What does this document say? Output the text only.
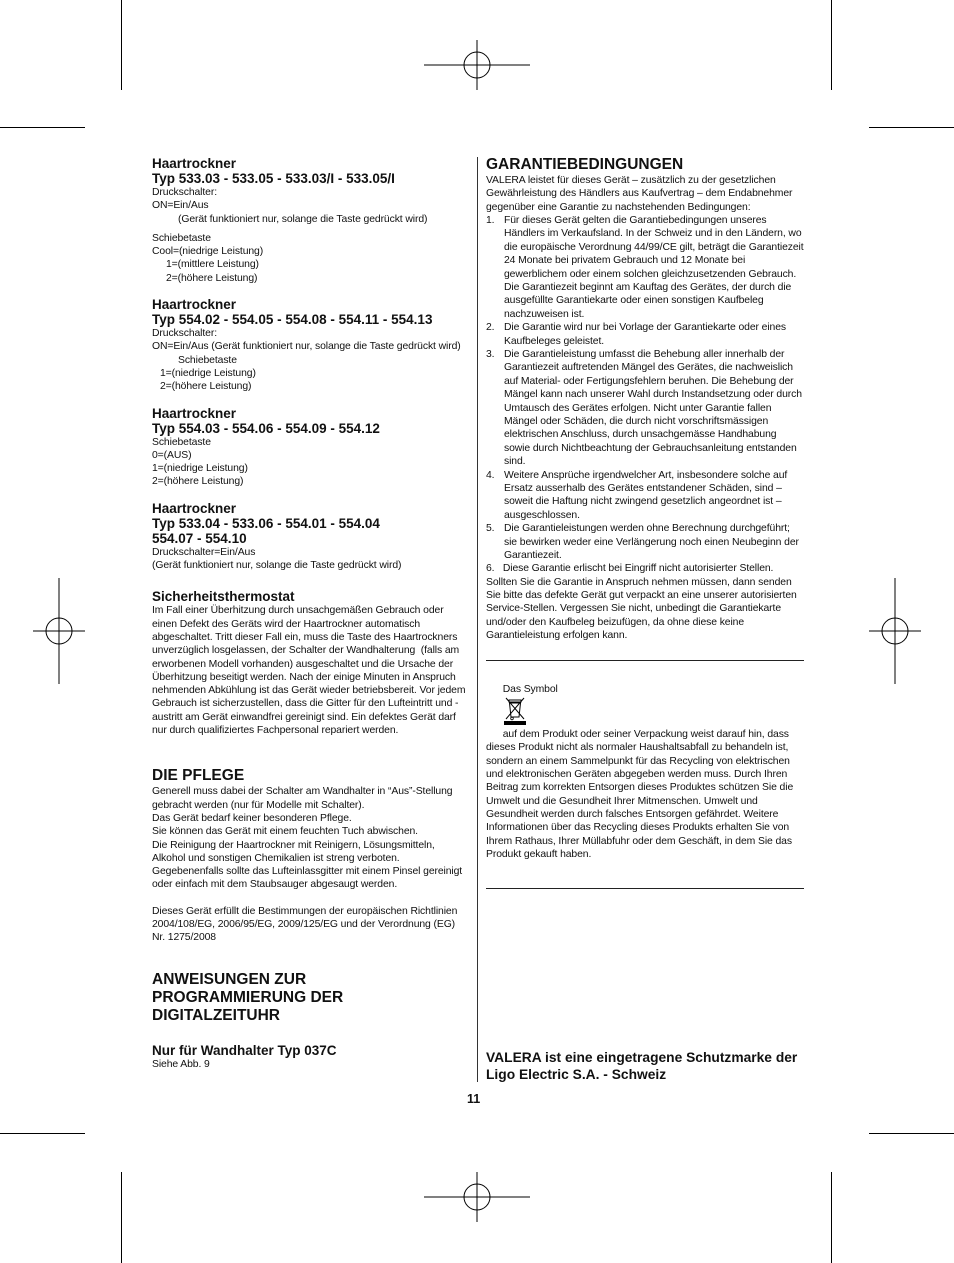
Haartrockner

Typ 533.03 - 533.05 - 533.03/I - 533.05/I

Druckschalter:

ON=Ein/Aus

(Gerät funktioniert nur, solange die Taste gedrückt wird)

Schiebetaste

Cool=(niedrige Leistung)

1=(mittlere Leistung)

2=(höhere Leistung)

Haartrockner

Typ 554.02 - 554.05 - 554.08 - 554.11 - 554.13

Druckschalter:

ON=Ein/Aus (Gerät funktioniert nur, solange die Taste gedrückt wird)

Schiebetaste

1=(niedrige Leistung)

2=(höhere Leistung)

Haartrockner

Typ 554.03 - 554.06 - 554.09 - 554.12

Schiebetaste

0=(AUS)

1=(niedrige Leistung)

2=(höhere Leistung)

Haartrockner

Typ 533.04 - 533.06 - 554.01 - 554.04

554.07 - 554.10

Druckschalter=Ein/Aus

(Gerät funktioniert nur, solange die Taste gedrückt wird)

Sicherheitsthermostat

Im Fall einer Überhitzung durch unsachgemäßen Gebrauch oder einen Defekt des Geräts wird der Haartrockner automatisch abgeschaltet. Tritt dieser Fall ein, muss die Taste des Haartrockners unverzüglich losgelassen, der Schalter der Wandhalterung  (falls am erworbenen Modell vorhanden) ausgeschaltet und die Ursache der Überhitzung beseitigt werden. Nach der einige Minuten in Anspruch nehmenden Abkühlung ist das Gerät wieder betriebsbereit. Vor jedem Gebrauch ist sicherzustellen, dass die Gitter für den Lufteintritt und -austritt am Gerät einwandfrei gereinigt sind. Ein defektes Gerät darf nur durch qualifiziertes Fachpersonal repariert werden.

DIE PFLEGE

Generell muss dabei der Schalter am Wandhalter in “Aus”-Stellung gebracht werden (nur für Modelle mit Schalter).
Das Gerät bedarf keiner besonderen Pflege.
Sie können das Gerät mit einem feuchten Tuch abwischen.
Die Reinigung der Haartrockner mit Reinigern, Lösungsmitteln, Alkohol und sonstigen Chemikalien ist streng verboten.
Gegebenenfalls sollte das Lufteinlassgitter mit einem Pinsel gereinigt oder einfach mit dem Staubsauger abgesaugt werden.

Dieses Gerät erfüllt die Bestimmungen der europäischen Richtlinien 2004/108/EG, 2006/95/EG, 2009/125/EG und der Verordnung (EG) Nr. 1275/2008

ANWEISUNGEN ZUR PROGRAMMIERUNG DER DIGITALZEITUHR

Nur für Wandhalter Typ 037C

Siehe Abb. 9

GARANTIEBEDINGUNGEN

VALERA leistet für dieses Gerät – zusätzlich zu der gesetzlichen Gewährleistung des Händlers aus Kaufvertrag – dem Endabnehmer gegenüber eine Garantie zu nachstehenden Bedingungen:

1. Für dieses Gerät gelten die Garantiebedingungen unseres Händlers im Verkaufsland. In der Schweiz und in den Ländern, wo die europäische Verordnung 44/99/CE gilt, beträgt die Garantiezeit 24 Monate bei privatem Gebrauch und 12 Monate bei gewerblichem oder einem solchen gleichzusetzenden Gebrauch. Die Garantiezeit beginnt am Kauftag des Gerätes, der durch die ausgefüllte Garantiekarte oder einen sonstigen Kaufbeleg nachzuweisen ist.
2. Die Garantie wird nur bei Vorlage der Garantiekarte oder eines Kaufbeleges geleistet.
3. Die Garantieleistung umfasst die Behebung aller innerhalb der Garantiezeit auftretenden Mängel des Gerätes, die nachweislich auf Material- oder Fertigungsfehlern beruhen. Die Behebung der Mängel kann nach unserer Wahl durch Instandsetzung oder durch Umtausch des Gerätes erfolgen. Nicht unter Garantie fallen Mängel oder Schäden, die durch nicht vorschriftsmässigen elektrischen Anschluss, durch unsachgemässe Handhabung sowie durch Nichtbeachtung der Gebrauchsanleitung entstanden sind.
4. Weitere Ansprüche irgendwelcher Art, insbesondere solche auf Ersatz ausserhalb des Gerätes entstandener Schäden, sind – soweit die Haftung nicht zwingend gesetzlich angeordnet ist – ausgeschlossen.
5. Die Garantieleistungen werden ohne Berechnung durchgeführt; sie bewirken weder eine Verlängerung noch einen Neubeginn der Garantiezeit.

6.   Diese Garantie erlischt bei Eingriff nicht autorisierter Stellen. Sollten Sie die Garantie in Anspruch nehmen müssen, dann senden Sie bitte das defekte Gerät gut verpackt an eine unserer autorisierten Service-Stellen. Vergessen Sie nicht, unbedingt die Garantiekarte und/oder den Kaufbeleg beizufügen, da ohne diese keine Garantieleistung erfolgen kann.

Das Symbol

auf dem Produkt oder seiner Verpackung weist darauf hin, dass dieses Produkt nicht als normaler Haushaltsabfall zu behandeln ist, sondern an einem Sammelpunkt für das Recycling von elektrischen und elektronischen Geräten abgegeben werden muss. Durch Ihren Beitrag zum korrekten Entsorgen dieses Produktes schützen Sie die Umwelt und die Gesundheit Ihrer Mitmenschen. Umwelt und Gesundheit werden durch falsches Entsorgen gefährdet. Weitere Informationen über das Recycling dieses Produkts erhalten Sie von Ihrem Rathaus, Ihrer Müllabfuhr oder dem Geschäft, in dem Sie das Produkt gekauft haben.

VALERA ist eine eingetragene Schutzmarke der Ligo Electric S.A. - Schweiz
11
